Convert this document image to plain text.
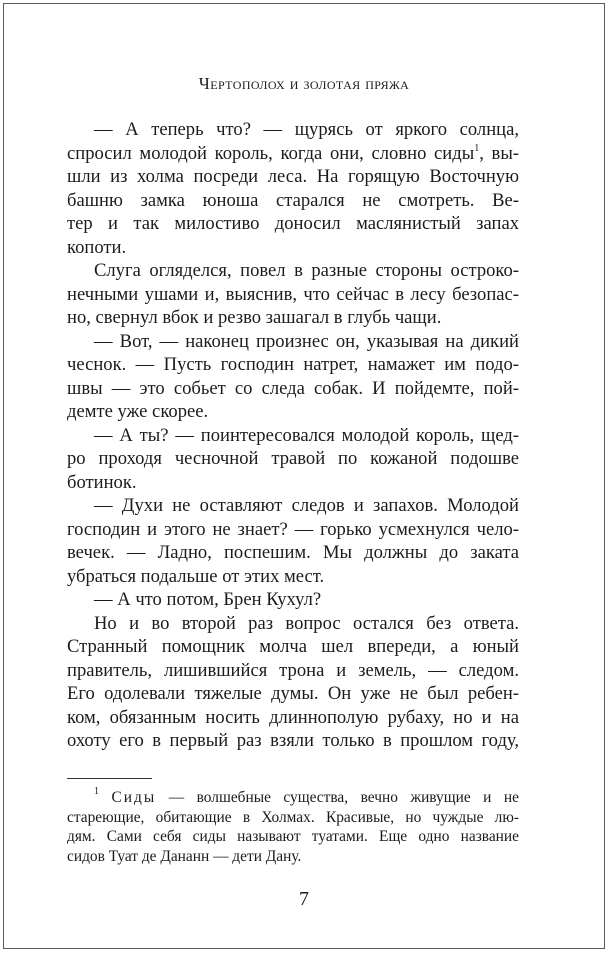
Чертополох и золотая пряжа
— А теперь что? — щурясь от яркого солнца,
спросил молодой король, когда они, словно сиды$^1$, вы-
шли из холма посреди леса. На горящую Восточную
башню замка юноша старался не смотреть. Ве-
тер и так милостиво доносил маслянистый запах
копоти.
Слуга огляделся, повел в разные стороны остроко-
нечными ушами и, выяснив, что сейчас в лесу безопас-
но, свернул вбок и резво зашагал в глубь чащи.
— Вот, — наконец произнес он, указывая на дикий
чеснок. — Пусть господин натрет, намажет им подо-
швы — это собьет со следа собак. И пойдемте, пой-
демте уже скорее.
— А ты? — поинтересовался молодой король, щед-
ро проходя чесночной травой по кожаной подошве
ботинок.
— Духи не оставляют следов и запахов. Молодой
господин и этого не знает? — горько усмехнулся чело-
вечек. — Ладно, поспешим. Мы должны до заката
убраться подальше от этих мест.
— А что потом, Брен Кухул?
Но и во второй раз вопрос остался без ответа.
Странный помощник молча шел впереди, а юный
правитель, лишившийся трона и земель, — следом.
Его одолевали тяжелые думы. Он уже не был ребен-
ком, обязанным носить длиннополую рубаху, но и на
охоту его в первый раз взяли только в прошлом году,
$^1$ Сиды — волшебные существа, вечно живущие и не
стареющие, обитающие в Холмах. Красивые, но чуждые лю-
дям. Сами себя сиды называют туатами. Еще одно название
сидов Туат де Дананн — дети Дану.
7
